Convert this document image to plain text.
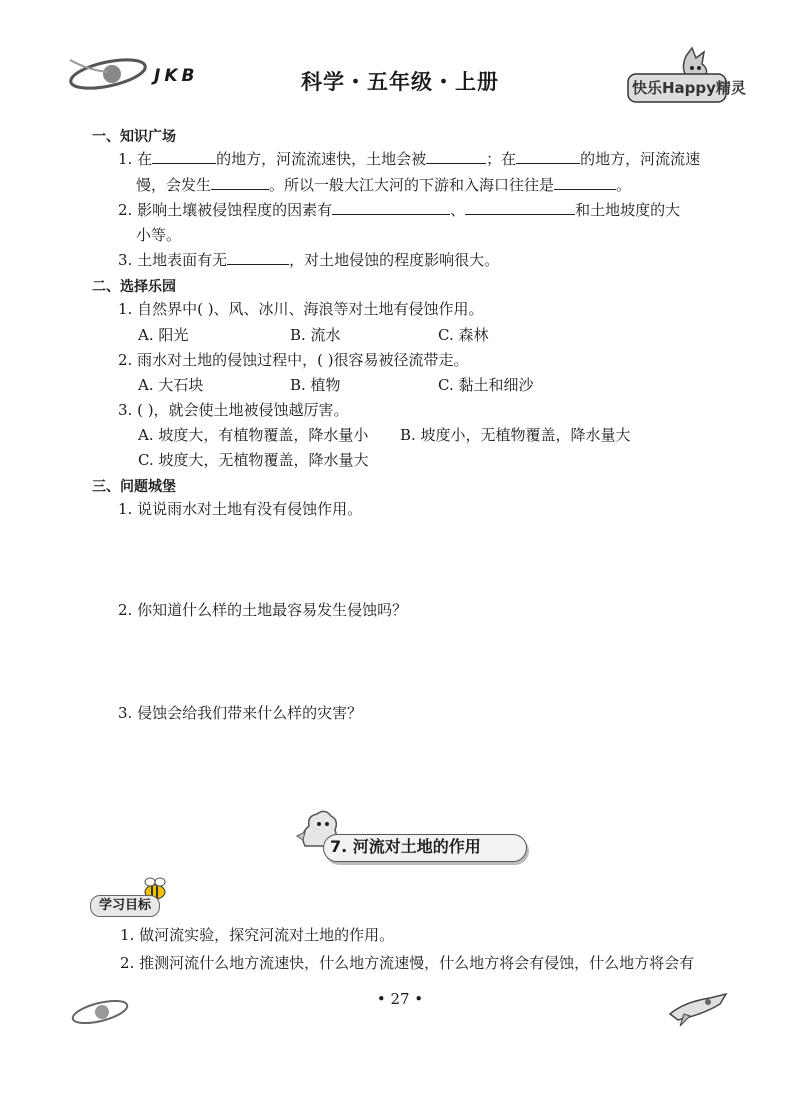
JKB	科学・五年级・上册	快乐Happy精灵
一、知识广场
1. 在	的地方，河流流速快，土地会被	；在	的地方，河流流速
慢，会发生	。所以一般大江大河的下游和入海口往往是	。
2. 影响土壤被侵蚀程度的因素有	、	和土地坡度的大
小等。
3. 土地表面有无	，对土地侵蚀的程度影响很大。
二、选择乐园
1. 自然界中( )、风、冰川、海浪等对土地有侵蚀作用。
A. 阳光	B. 流水	C. 森林
2. 雨水对土地的侵蚀过程中，( )很容易被径流带走。
A. 大石块	B. 植物	C. 黏土和细沙
3. ( )，就会使土地被侵蚀越厉害。
A. 坡度大，有植物覆盖，降水量小 B. 坡度小，无植物覆盖，降水量大
C. 坡度大，无植物覆盖，降水量大
三、问题城堡
1. 说说雨水对土地有没有侵蚀作用。
2. 你知道什么样的土地最容易发生侵蚀吗？
3. 侵蚀会给我们带来什么样的灾害？
7. 河流对土地的作用
学习目标
1. 做河流实验，探究河流对土地的作用。
2. 推测河流什么地方流速快，什么地方流速慢，什么地方将会有侵蚀，什么地方将会有
• 27 •
